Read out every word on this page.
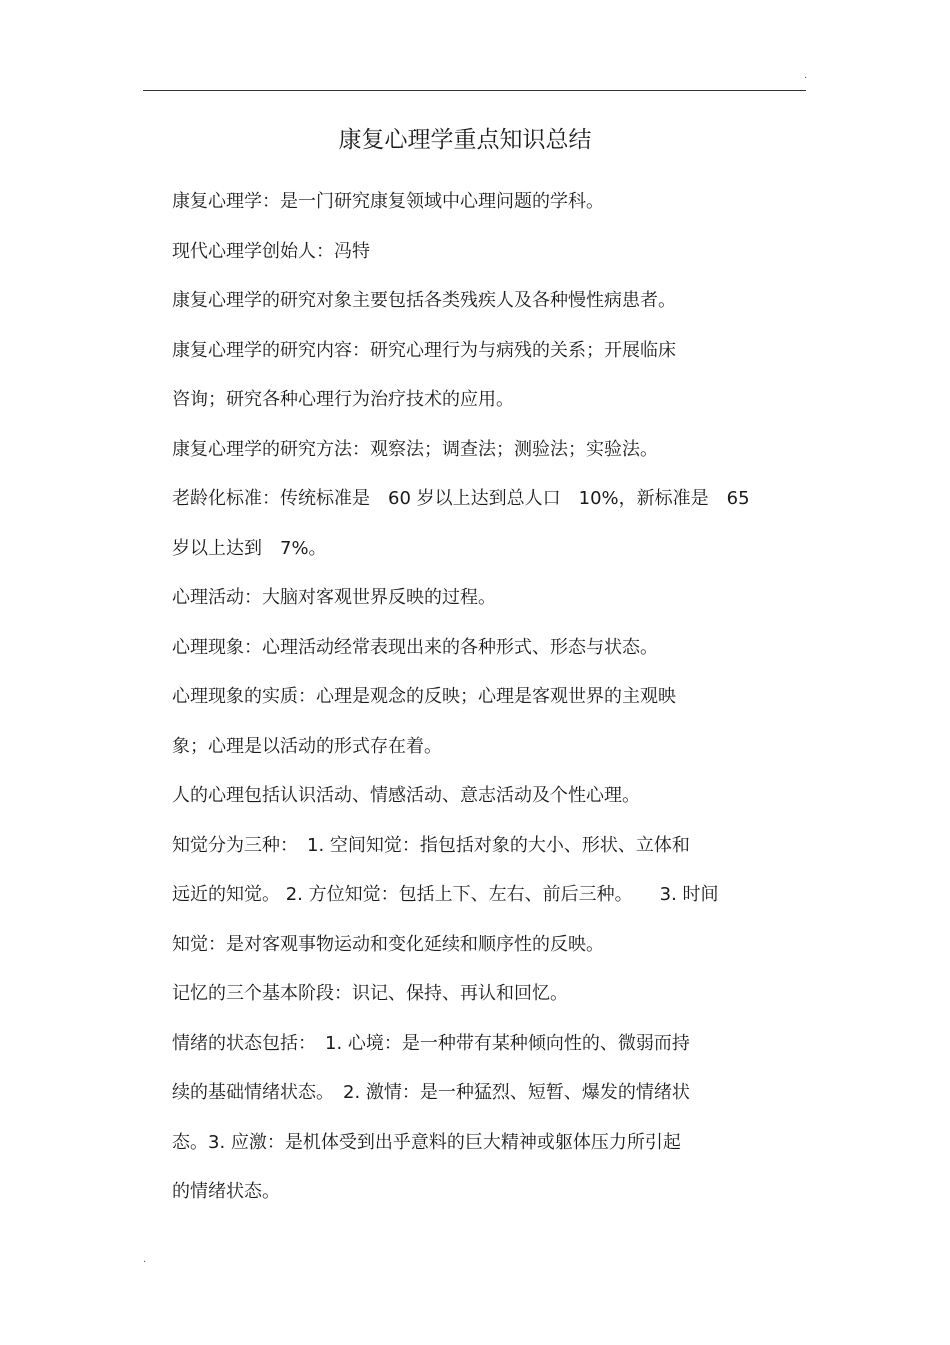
·
康复心理学重点知识总结

康复心理学：是一门研究康复领域中心理问题的学科。

现代心理学创始人：冯特

康复心理学的研究对象主要包括各类残疾人及各种慢性病患者。

康复心理学的研究内容：研究心理行为与病残的关系；开展临床

咨询；研究各种心理行为治疗技术的应用。

康复心理学的研究方法：观察法；调查法；测验法；实验法。

老龄化标准：传统标准是　60 岁以上达到总人口　10%，新标准是　65

岁以上达到　7%。

心理活动：大脑对客观世界反映的过程。

心理现象：心理活动经常表现出来的各种形式、形态与状态。

心理现象的实质：心理是观念的反映；心理是客观世界的主观映

象；心理是以活动的形式存在着。

人的心理包括认识活动、情感活动、意志活动及个性心理。

知觉分为三种：　1. 空间知觉：指包括对象的大小、形状、立体和

远近的知觉。 2. 方位知觉：包括上下、左右、前后三种。　　3. 时间

知觉：是对客观事物运动和变化延续和顺序性的反映。

记忆的三个基本阶段：识记、保持、再认和回忆。

情绪的状态包括：　1. 心境：是一种带有某种倾向性的、微弱而持

续的基础情绪状态。　2. 激情：是一种猛烈、短暂、爆发的情绪状

态。3. 应激：是机体受到出乎意料的巨大精神或躯体压力所引起

的情绪状态。

·
